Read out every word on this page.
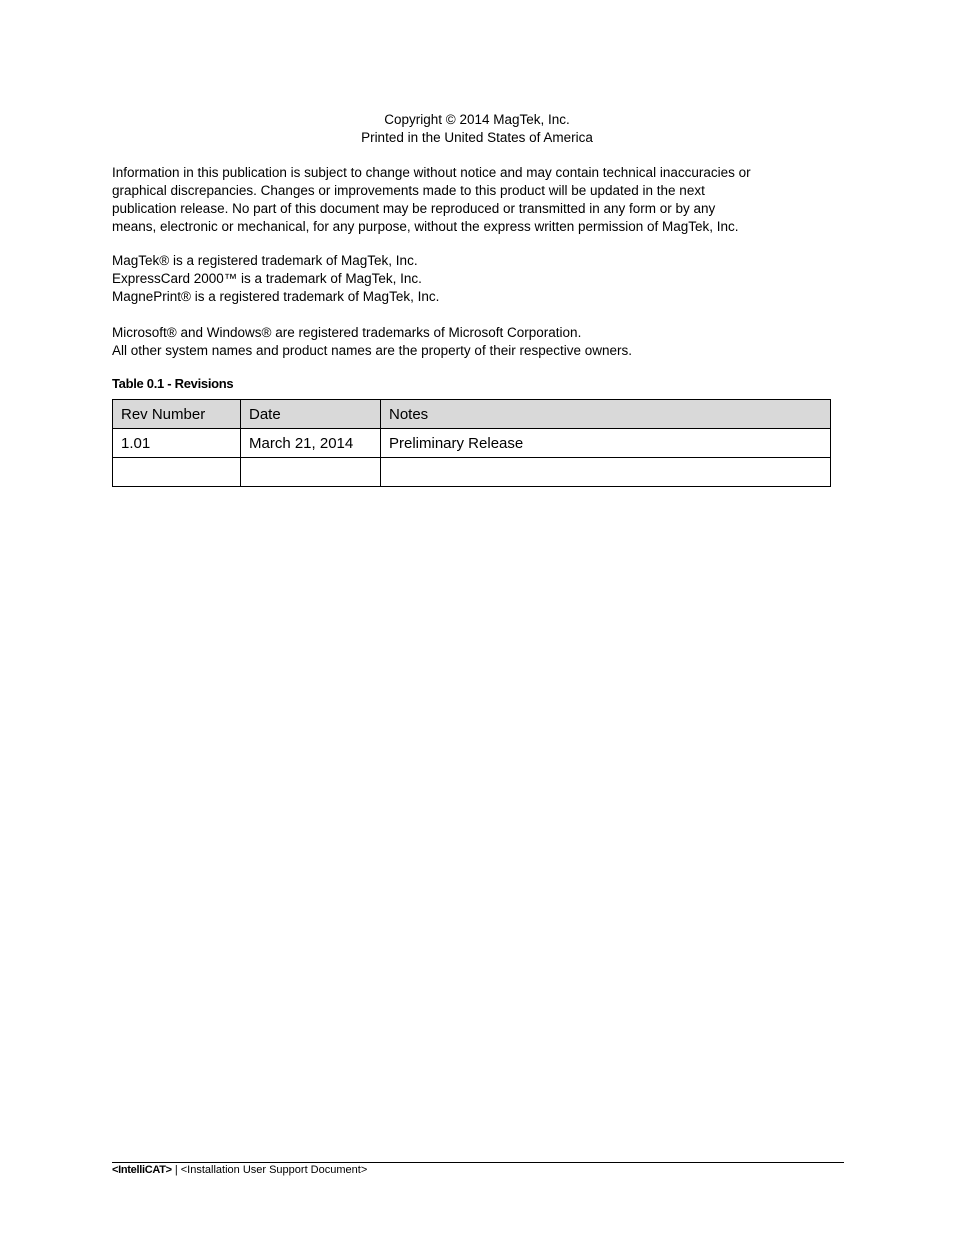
Copyright © 2014 MagTek, Inc.
Printed in the United States of America
Information in this publication is subject to change without notice and may contain technical inaccuracies or
graphical discrepancies. Changes or improvements made to this product will be updated in the next
publication release. No part of this document may be reproduced or transmitted in any form or by any
means, electronic or mechanical, for any purpose, without the express written permission of MagTek, Inc.
MagTek® is a registered trademark of MagTek, Inc.
ExpressCard 2000™ is a trademark of MagTek, Inc.
MagnePrint® is a registered trademark of MagTek, Inc.
Microsoft® and Windows® are registered trademarks of Microsoft Corporation.
All other system names and product names are the property of their respective owners.
Table 0.1 - Revisions
Rev Number	Date	Notes
1.01	March 21, 2014	Preliminary Release

<IntelliCAT> | <Installation User Support Document>
